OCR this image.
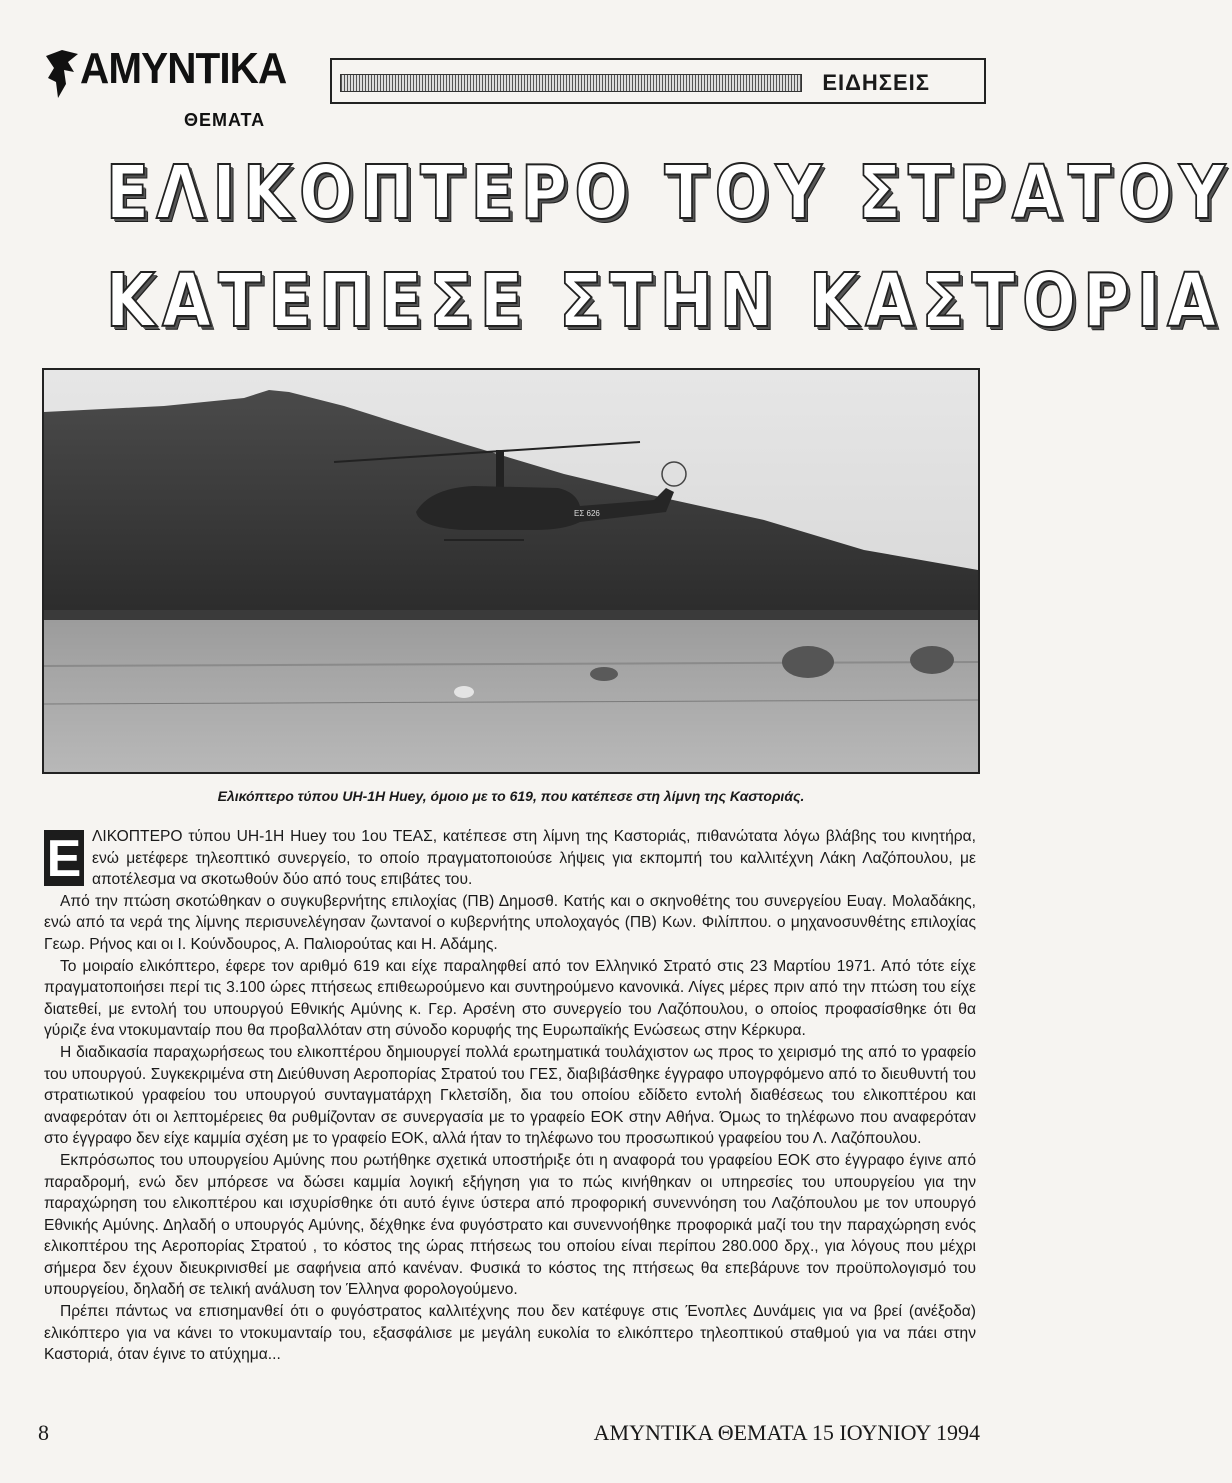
ΑΜΥΝΤΙΚΑ
ΘΕΜΑΤΑ
ΕΙΔΗΣΕΙΣ
ΕΛΙΚΟΠΤΕΡΟ ΤΟΥ ΣΤΡΑΤΟΥ
ΚΑΤΕΠΕΣΕ ΣΤΗΝ ΚΑΣΤΟΡΙΑ
ΕΣ 626
Ελικόπτερο τύπου UH-1H Huey, όμοιο με το 619, που κατέπεσε στη λίμνη της Καστοριάς.

Ε ΛΙΚΟΠΤΕΡΟ τύπου UH-1H Huey του 1ου ΤΕΑΣ, κατέπεσε στη λίμνη της Καστοριάς, πιθανώτατα λόγω βλάβης του κινητήρα, ενώ μετέφερε τηλεοπτικό συνεργείο, το οποίο πραγματοποιούσε λήψεις για εκπομπή του καλλιτέχνη Λάκη Λαζόπουλου, με αποτέλεσμα να σκοτωθούν δύο από τους επιβάτες του.

Από την πτώση σκοτώθηκαν ο συγκυβερνήτης επιλοχίας (ΠΒ) Δημοσθ. Κατής και ο σκηνοθέτης του συνεργείου Ευαγ. Μολαδάκης, ενώ από τα νερά της λίμνης περισυνελέγησαν ζωντανοί ο κυβερνήτης υπολοχαγός (ΠΒ) Κων. Φιλίππου. ο μηχανοσυνθέτης επιλοχίας Γεωρ. Ρήνος και οι Ι. Κούνδουρος, Α. Παλιορούτας και Η. Αδάμης.

Το μοιραίο ελικόπτερο, έφερε τον αριθμό 619 και είχε παραληφθεί από τον Ελληνικό Στρατό στις 23 Μαρτίου 1971. Από τότε είχε πραγματοποιήσει περί τις 3.100 ώρες πτήσεως επιθεωρούμενο και συντηρούμενο κανονικά. Λίγες μέρες πριν από την πτώση του είχε διατεθεί, με εντολή του υπουργού Εθνικής Αμύνης κ. Γερ. Αρσένη στο συνεργείο του Λαζόπουλου, ο οποίος προφασίσθηκε ότι θα γύριζε ένα ντοκυμανταίρ που θα προβαλλόταν στη σύνοδο κορυφής της Ευρωπαϊκής Ενώσεως στην Κέρκυρα.

Η διαδικασία παραχωρήσεως του ελικοπτέρου δημιουργεί πολλά ερωτηματικά τουλάχιστον ως προς το χειρισμό της από το γραφείο του υπουργού. Συγκεκριμένα στη Διεύθυνση Αεροπορίας Στρατού του ΓΕΣ, διαβιβάσθηκε έγγραφο υπογρφόμενο από το διευθυντή του στρατιωτικού γραφείου του υπουργού συνταγματάρχη Γκλετσίδη, δια του οποίου εδίδετο εντολή διαθέσεως του ελικοπτέρου και αναφερόταν ότι οι λεπτομέρειες θα ρυθμίζονταν σε συνεργασία με το γραφείο ΕΟΚ στην Αθήνα. Όμως το τηλέφωνο που αναφερόταν στο έγγραφο δεν είχε καμμία σχέση με το γραφείο ΕΟΚ, αλλά ήταν το τηλέφωνο του προσωπικού γραφείου του Λ. Λαζόπουλου.

Εκπρόσωπος του υπουργείου Αμύνης που ρωτήθηκε σχετικά υποστήριξε ότι η αναφορά του γραφείου ΕΟΚ στο έγγραφο έγινε από παραδρομή, ενώ δεν μπόρεσε να δώσει καμμία λογική εξήγηση για το πώς κινήθηκαν οι υπηρεσίες του υπουργείου για την παραχώρηση του ελικοπτέρου και ισχυρίσθηκε ότι αυτό έγινε ύστερα από προφορική συνεννόηση του Λαζόπουλου με τον υπουργό Εθνικής Αμύνης. Δηλαδή ο υπουργός Αμύνης, δέχθηκε ένα φυγόστρατο και συνεννοήθηκε προφορικά μαζί του την παραχώρηση ενός ελικοπτέρου της Αεροπορίας Στρατού , το κόστος της ώρας πτήσεως του οποίου είναι περίπου 280.000 δρχ., για λόγους που μέχρι σήμερα δεν έχουν διευκρινισθεί με σαφήνεια από κανέναν. Φυσικά το κόστος της πτήσεως θα επεβάρυνε τον προϋπολογισμό του υπουργείου, δηλαδή σε τελική ανάλυση τον Έλληνα φορολογούμενο.

Πρέπει πάντως να επισημανθεί ότι ο φυγόστρατος καλλιτέχνης που δεν κατέφυγε στις Ένοπλες Δυνάμεις για να βρεί (ανέξοδα) ελικόπτερο για να κάνει το ντοκυμανταίρ του, εξασφάλισε με μεγάλη ευκολία το ελικόπτερο τηλεοπτικού σταθμού για να πάει στην Καστοριά, όταν έγινε το ατύχημα...

8	ΑΜΥΝΤΙΚΑ ΘΕΜΑΤΑ 15 ΙΟΥΝΙΟΥ 1994
